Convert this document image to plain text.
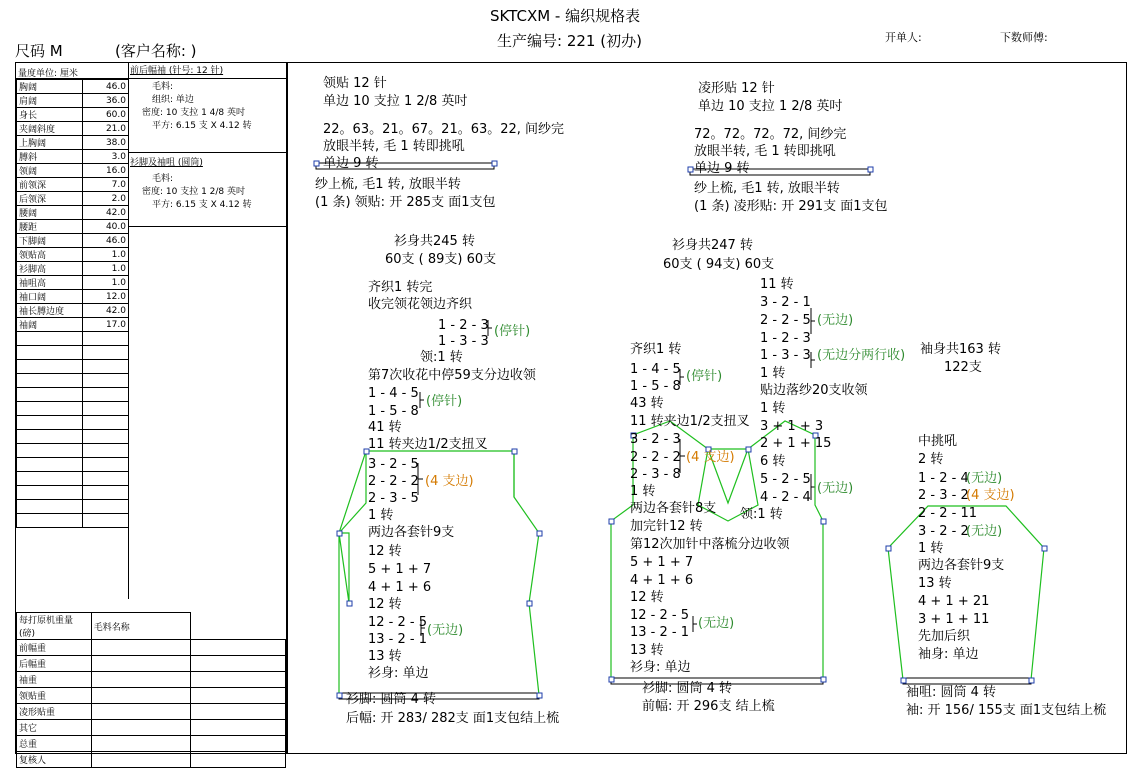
SKTCXM - 编织规格表
生产编号: 221 (初办)
尺码 M	(客户名称: )
开单人:	下数师傅:
量度单位: 厘米
胸阔	46.0
肩阔	36.0
身长	60.0
夹阔斜度	21.0
上胸阔	38.0
膊斜	3.0
领阔	16.0
前领深	7.0
后领深	2.0
腰阔	42.0
腰距	40.0
下脚阔	46.0
领贴高	1.0
衫脚高	1.0
袖咀高	1.0
袖口阔	12.0
袖长膊边度	42.0
袖阔	17.0

前后幅袖 (针号: 12 针)
毛料:
组织: 单边
密度: 10 支拉 1 4/8 英吋
平方: 6.15 支 X 4.12 转
衫脚及袖咀 (圆筒)
毛料:
密度: 10 支拉 1 2/8 英吋
平方: 6.15 支 X 4.12 转
每打原机重量 (磅)	毛料名称	
前幅重		
后幅重		
袖重		
领贴重		
凌形贴重		
其它		
总重		
复核人		
领贴 12 针
单边 10 支拉 1 2/8 英吋
22。63。21。67。21。63。22, 间纱完
放眼半转, 毛 1 转即挑吼
单边 9 转
纱上梳, 毛1 转, 放眼半转
(1 条) 领贴: 开 285支 面1支包
凌形贴 12 针
单边 10 支拉 1 2/8 英吋
72。72。72。72, 间纱完
放眼半转, 毛 1 转即挑吼
单边 9 转
纱上梳, 毛1 转, 放眼半转
(1 条) 凌形贴: 开 291支 面1支包
衫身共245 转
60支 ( 89支) 60支
齐织1 转完
收完领花领边齐织
1 - 2 - 3
1 - 3 - 3
(停针)
领:1 转
第7次收花中停59支分边收领
1 - 4 - 5
1 - 5 - 8
(停针)
41 转
11 转夹边1/2支扭叉
3 - 2 - 5
2 - 2 - 2
2 - 3 - 5
(4 支边)
1 转
两边各套针9支
12 转
5 + 1 + 7
4 + 1 + 6
12 转
12 - 2 - 5
13 - 2 - 1
(无边)
13 转
衫身: 单边
衫脚: 圆筒 4 转
后幅: 开 283/ 282支 面1支包结上梳
衫身共247 转
60支 ( 94支) 60支
11 转
3 - 2 - 1
2 - 2 - 5 (无边)
1 - 2 - 3
1 - 3 - 3 (无边分两行收)
1 转
贴边落纱20支收领
1 转
3 + 1 + 3
2 + 1 + 15
6 转
5 - 2 - 5
4 - 2 - 4
(无边)
领:1 转
齐织1 转
1 - 4 - 5
1 - 5 - 8
(停针)
43 转
11 转夹边1/2支扭叉
3 - 2 - 3
2 - 2 - 2
2 - 3 - 8
(4 支边)
1 转
两边各套针8支
加完针12 转
第12次加针中落梳分边收领
5 + 1 + 7
4 + 1 + 6
12 转
12 - 2 - 5
13 - 2 - 1
(无边)
13 转
衫身: 单边
衫脚: 圆筒 4 转
前幅: 开 296支 结上梳
袖身共163 转
122支
中挑吼
2 转
1 - 2 - 4
(无边)
2 - 3 - 2
(4 支边)
2 - 2 - 11
3 - 2 - 2
(无边)
1 转
两边各套针9支
13 转
4 + 1 + 21
3 + 1 + 11
先加后织
袖身: 单边
袖咀: 圆筒 4 转
袖: 开 156/ 155支 面1支包结上梳
